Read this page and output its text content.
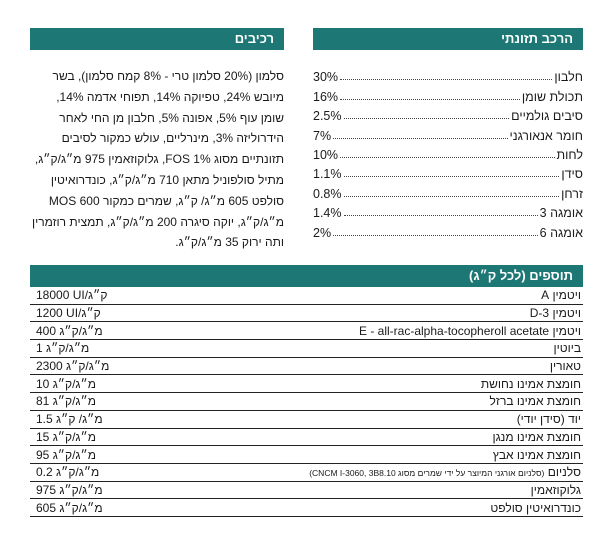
הרכב תזונתי
חלבון
30%
תכולת שומן
16%
סיבים גולמיים
2.5%
חומר אנאורגני
7%
לחות
10%
סידן
1.1%
זרחן
0.8%
אומגה 3
1.4%
אומגה 6
2%
רכיבים
סלמון (20% סלמון טרי - 8% קמח סלמון), בשר מיובש 24%, טפיוקה 14%, תפוחי אדמה 14%, שומן עוף 5%, אפונה 5%, חלבון מן החי לאחר הידרוליזה 3%, מינרליים, עולש כמקור לסיבים תזונתיים מסוג FOS 1%, גלוקוזאמין 975 מ״ג/ק״ג, מתיל סולפוניל מתאן 710 מ״ג/ק״ג, כונדרואיטין סולפט 605 מ״ג/ ק״ג, שמרים כמקור MOS 600 מ״ג/ק״ג, יוקה סיגרה 200 מ״ג/ק״ג, תמצית רוזמרין ותה ירוק 35 מ״ג/ק״ג.
תוספים (לכל ק״ג)
ויטמין A
18000 UI/ק״ג
ויטמין D-3
1200 UI/ק״ג
ויטמין E - all-rac-alpha-tocopheroll acetate
400 מ״ג/ק״ג
ביוטין
1 מ״ג/ק״ג
טאורין
2300 מ״ג/ק״ג
חומצת אמינו נחושת
10 מ״ג/ק״ג
חומצת אמינו ברזל
81 מ״ג/ק״ג
יוד (סידן יודי)
1.5 מ״ג/ ק״ג
חומצת אמינו מנגן
15 מ״ג/ק״ג
חומצת אמינו אבץ
95 מ״ג/ק״ג
סלניום (סלניום אורגני המיוצר על ידי שמרים מסוג CNCM I-3060, 3B8.10)
0.2 מ״ג/ק״ג
גלוקוזאמין
975 מ״ג/ק״ג
כונדרואיטין סולפט
605 מ״ג/ק״ג
